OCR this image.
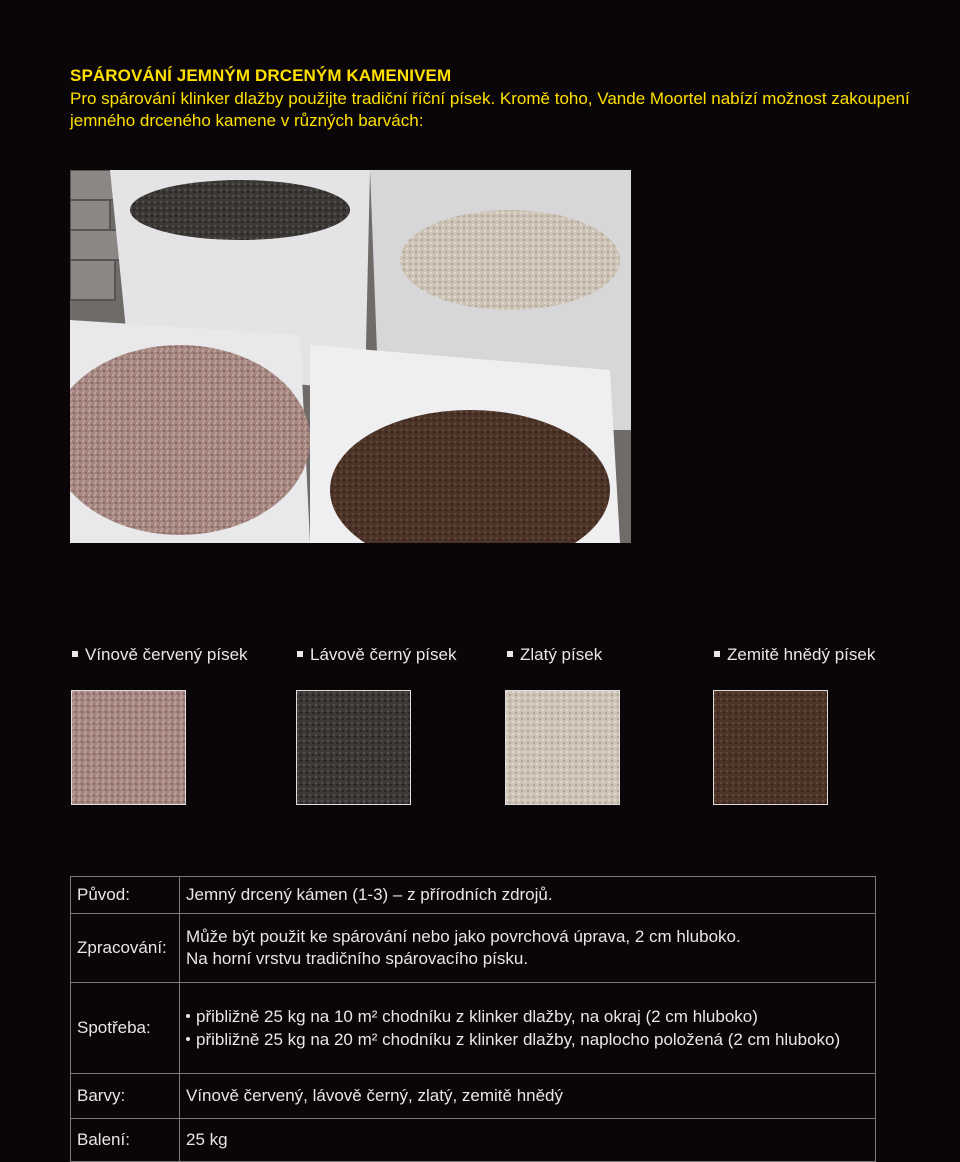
SPÁROVÁNÍ JEMNÝM DRCENÝM KAMENIVEM
Pro spárování klinker dlažby použijte tradiční říční písek. Kromě toho, Vande Moortel nabízí možnost zakoupení jemného drceného kamene v různých barvách:
Vínově červený písek	Lávově černý písek	Zlatý písek	Zemitě hnědý písek
Původ:	Jemný drcený kámen (1-3) – z přírodních zdrojů.
Zpracování:	Může být použit ke spárování nebo jako povrchová úprava, 2 cm hluboko.
Na horní vrstvu tradičního spárovacího písku.

Spotřeba:	přibližně 25 kg na 10 m² chodníku z klinker dlažby, na okraj (2 cm hluboko)
přibližně 25 kg na 20 m² chodníku z klinker dlažby, naplocho položená (2 cm hluboko)

Barvy:	Vínově červený, lávově černý, zlatý, zemitě hnědý
Balení:	25 kg
